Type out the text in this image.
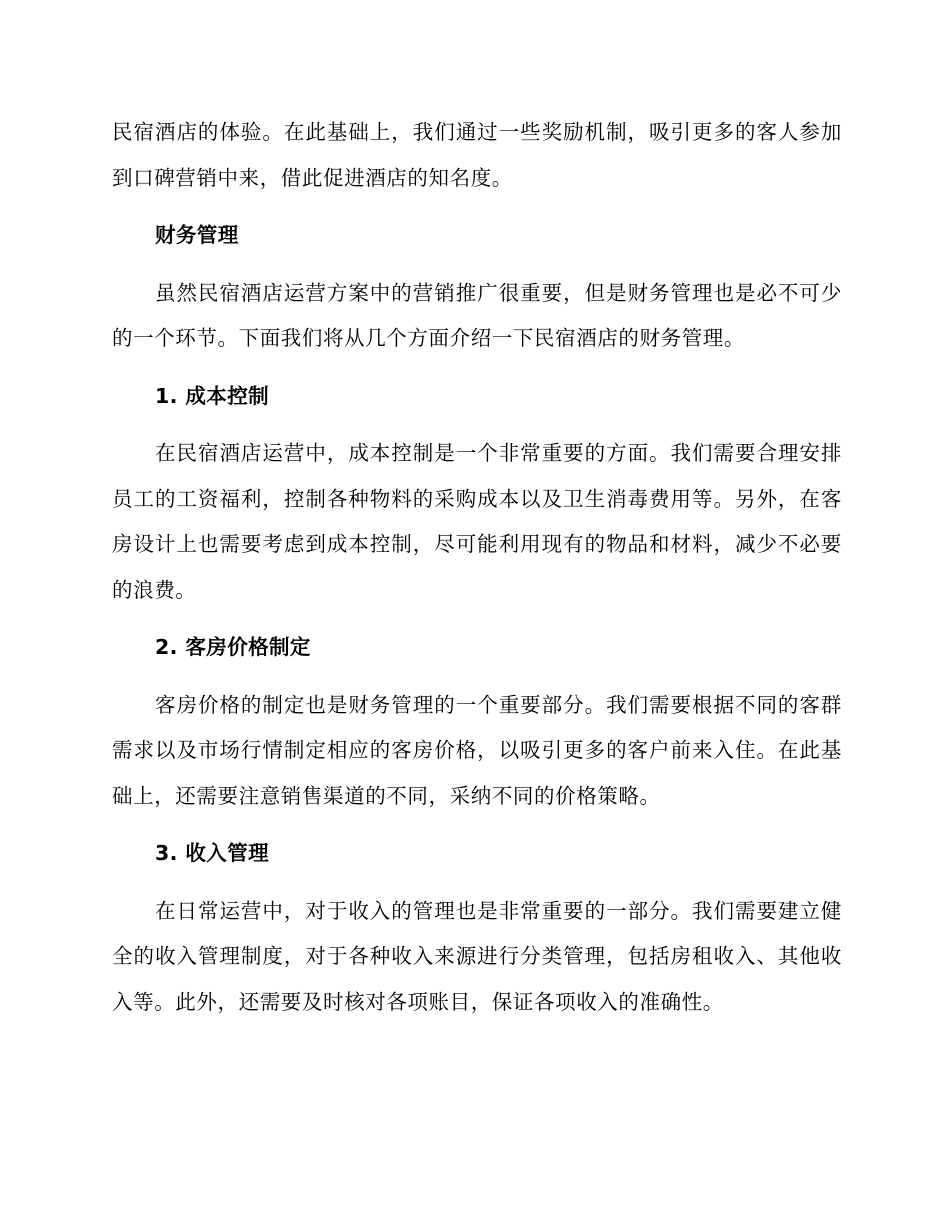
民宿酒店的体验。在此基础上，我们通过一些奖励机制，吸引更多的客人参加到口碑营销中来，借此促进酒店的知名度。

财务管理

虽然民宿酒店运营方案中的营销推广很重要，但是财务管理也是必不可少的一个环节。下面我们将从几个方面介绍一下民宿酒店的财务管理。

1. 成本控制

在民宿酒店运营中，成本控制是一个非常重要的方面。我们需要合理安排员工的工资福利，控制各种物料的采购成本以及卫生消毒费用等。另外，在客房设计上也需要考虑到成本控制，尽可能利用现有的物品和材料，减少不必要的浪费。

2. 客房价格制定

客房价格的制定也是财务管理的一个重要部分。我们需要根据不同的客群需求以及市场行情制定相应的客房价格，以吸引更多的客户前来入住。在此基础上，还需要注意销售渠道的不同，采纳不同的价格策略。

3. 收入管理

在日常运营中，对于收入的管理也是非常重要的一部分。我们需要建立健全的收入管理制度，对于各种收入来源进行分类管理，包括房租收入、其他收入等。此外，还需要及时核对各项账目，保证各项收入的准确性。
